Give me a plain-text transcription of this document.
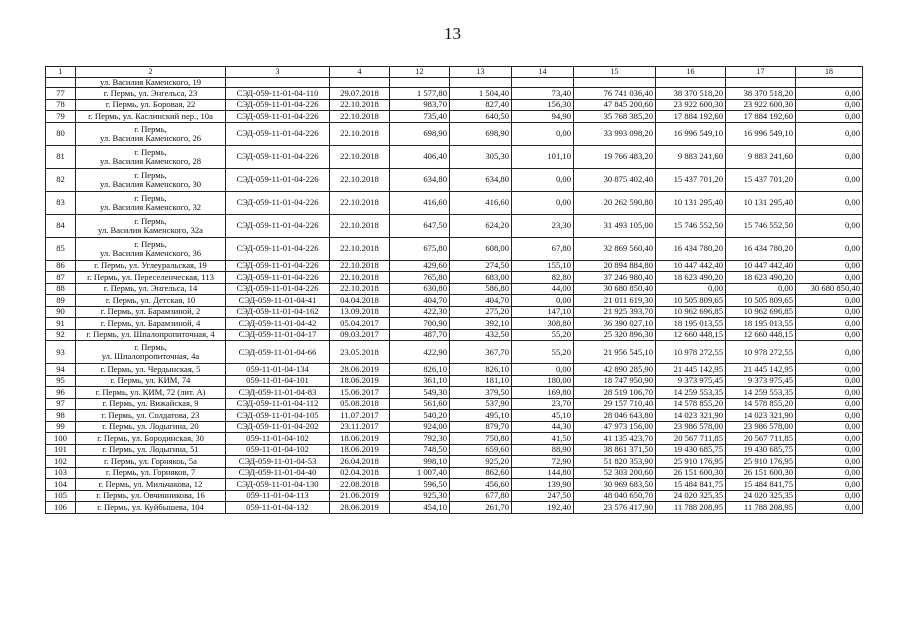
13
1	2	3	4	12	13	14	15	16	17	18
	ул. Василия Каменского, 19									
77	г. Пермь, ул. Энгельса, 23	СЭД-059-11-01-04-110	29.07.2018	1 577,80	1 504,40	73,40	76 741 036,40	38 370 518,20	38 370 518,20	0,00
78	г. Пермь, ул. Боровая, 22	СЭД-059-11-01-04-226	22.10.2018	983,70	827,40	156,30	47 845 200,60	23 922 600,30	23 922 600,30	0,00
79	г. Пермь, ул. Каслинский пер., 10а	СЭД-059-11-01-04-226	22.10.2018	735,40	640,50	94,90	35 768 385,20	17 884 192,60	17 884 192,60	0,00
80	г. Пермь,
ул. Василия Каменского, 26	СЭД-059-11-01-04-226	22.10.2018	698,90	698,90	0,00	33 993 098,20	16 996 549,10	16 996 549,10	0,00
81	г. Пермь,
ул. Василия Каменского, 28	СЭД-059-11-01-04-226	22.10.2018	406,40	305,30	101,10	19 766 483,20	9 883 241,60	9 883 241,60	0,00
82	г. Пермь,
ул. Василия Каменского, 30	СЭД-059-11-01-04-226	22.10.2018	634,80	634,80	0,00	30 875 402,40	15 437 701,20	15 437 701,20	0,00
83	г. Пермь,
ул. Василия Каменского, 32	СЭД-059-11-01-04-226	22.10.2018	416,60	416,60	0,00	20 262 590,80	10 131 295,40	10 131 295,40	0,00
84	г. Пермь,
ул. Василия Каменского, 32а	СЭД-059-11-01-04-226	22.10.2018	647,50	624,20	23,30	31 493 105,00	15 746 552,50	15 746 552,50	0,00
85	г. Пермь,
ул. Василия Каменского, 36	СЭД-059-11-01-04-226	22.10.2018	675,80	608,00	67,80	32 869 560,40	16 434 780,20	16 434 780,20	0,00
86	г. Пермь, ул. Углеуральская, 19	СЭД-059-11-01-04-226	22.10.2018	429,60	274,50	155,10	20 894 884,80	10 447 442,40	10 447 442,40	0,00
87	г. Пермь, ул. Переселенческая, 113	СЭД-059-11-01-04-226	22.10.2018	765,80	683,00	82,80	37 246 980,40	18 623 490,20	18 623 490,20	0,00
88	г. Пермь, ул. Энгельса, 14	СЭД-059-11-01-04-226	22.10.2018	630,80	586,80	44,00	30 680 850,40	0,00	0,00	30 680 850,40
89	г. Пермь, ул. Детская, 10	СЭД-059-11-01-04-41	04.04.2018	404,70	404,70	0,00	21 011 619,30	10 505 809,65	10 505 809,65	0,00
90	г. Пермь, ул. Барамзиной, 2	СЭД-059-11-01-04-162	13.09.2018	422,30	275,20	147,10	21 925 393,70	10 962 696,85	10 962 696,85	0,00
91	г. Пермь, ул. Барамзиной, 4	СЭД-059-11-01-04-42	05.04.2017	700,90	392,10	308,80	36 390 027,10	18 195 013,55	18 195 013,55	0,00
92	г. Пермь, ул. Шпалопропиточная, 4	СЭД-059-11-01-04-17	09.03.2017	487,70	432,50	55,20	25 320 896,30	12 660 448,15	12 660 448,15	0,00
93	г. Пермь,
ул. Шпалопропиточная, 4а	СЭД-059-11-01-04-66	23.05.2018	422,90	367,70	55,20	21 956 545,10	10 978 272,55	10 978 272,55	0,00
94	г. Пермь, ул. Чердынская, 5	059-11-01-04-134	28.06.2019	826,10	826,10	0,00	42 890 285,90	21 445 142,95	21 445 142,95	0,00
95	г. Пермь, ул. КИМ, 74	059-11-01-04-101	18.06.2019	361,10	181,10	180,00	18 747 950,90	9 373 975,45	9 373 975,45	0,00
96	г. Пермь, ул. КИМ, 72 (лит. А)	СЭД-059-11-01-04-83	15.06.2017	549,30	379,50	169,80	28 519 106,70	14 259 553,35	14 259 553,35	0,00
97	г. Пермь, ул. Вижайская, 9	СЭД-059-11-01-04-112	05.08.2018	561,60	537,90	23,70	29 157 710,40	14 578 855,20	14 578 855,20	0,00
98	г. Пермь, ул. Солдатова, 23	СЭД-059-11-01-04-105	11.07.2017	540,20	495,10	45,10	28 046 643,80	14 023 321,90	14 023 321,90	0,00
99	г. Пермь, ул. Лодыгина, 20	СЭД-059-11-01-04-202	23.11.2017	924,00	879,70	44,30	47 973 156,00	23 986 578,00	23 986 578,00	0,00
100	г. Пермь, ул. Бородинская, 30	059-11-01-04-102	18.06.2019	792,30	750,80	41,50	41 135 423,70	20 567 711,85	20 567 711,85	0,00
101	г. Пермь, ул. Лодыгина, 51	059-11-01-04-102	18.06.2019	748,50	659,60	88,90	38 861 371,50	19 430 685,75	19 430 685,75	0,00
102	г. Пермь, ул. Горнякоь, 5а	СЭД-059-11-01-04-53	26.04.2018	998,10	925,20	72,90	51 820 353,90	25 910 176,95	25 910 176,95	0,00
103	г. Пермь, ул. Горняков, 7	СЭД-059-11-01-04-40	02.04.2018	1 007,40	862,60	144,80	52 303 200,60	26 151 600,30	26 151 600,30	0,00
104	г. Пермь, ул. Мильчакова, 12	СЭД-059-11-01-04-130	22.08.2018	596,50	456,60	139,90	30 969 683,50	15 484 841,75	15 484 841,75	0,00
105	г. Пермь, ул. Овчинникова, 16	059-11-01-04-113	21.06.2019	925,30	677,80	247,50	48 040 650,70	24 020 325,35	24 020 325,35	0,00
106	г. Пермь, ул. Куйбышева, 104	059-11-01-04-132	28.06.2019	454,10	261,70	192,40	23 576 417,90	11 788 208,95	11 788 208,95	0,00
